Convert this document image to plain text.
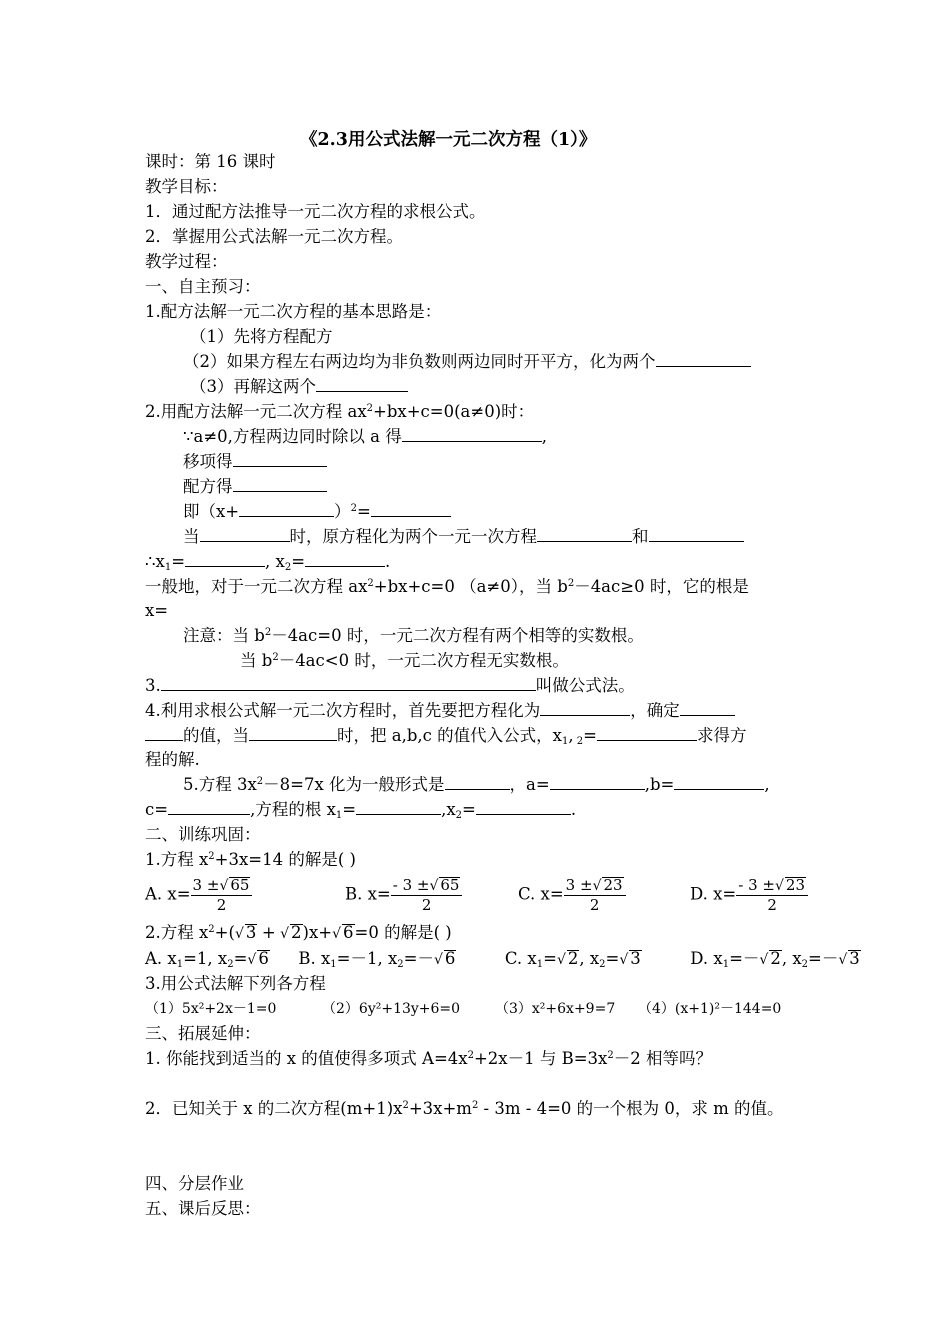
《2.3用公式法解一元二次方程（1）》
课时：第 16 课时
教学目标：
1．通过配方法推导一元二次方程的求根公式。
2．掌握用公式法解一元二次方程。
教学过程：
一、自主预习：
1.配方法解一元二次方程的基本思路是：
（1）先将方程配方
（2）如果方程左右两边均为非负数则两边同时开平方，化为两个
（3）再解这两个
2.用配方法解一元二次方程 $ax^2+bx+c=0(a\ne 0)$时：
∵a≠0,方程两边同时除以 a 得	,
移项得
配方得
即（x+	）$^2$=
当	时，原方程化为两个一元一次方程	和
$\therefore x_1=$	, $x_2=$	.
一般地，对于一元二次方程 $ax^2+bx+c=0$ （a≠0），当 $b^2-4ac\ge 0$ 时，它的根是
x=
注意：当 $b^2-4ac=0$ 时，一元二次方程有两个相等的实数根。
当 $b^2-4ac<0$ 时，一元二次方程无实数根。
3.	叫做公式法。
4.利用求根公式解一元二次方程时，首先要把方程化为	，确定
的值，当	时，把 a,b,c 的值代入公式，$x_1$, $_2$=	求得方
程的解.
5.方程 $3x^2-8=7x$ 化为一般形式是	，a=	,b=	,
c=	,方程的根 $x_1=$	$,x_2=$	.
二、训练巩固：
1.方程 $x^2+3x=14$ 的解是( )
A. $x= \frac{3 \pm√ 65}{2}$	B. $x= \frac{- 3 \pm√ 65}{2}$	C. $x= \frac{3 \pm√ 23}{2}$	D. $x= \frac{- 3 \pm√ 23}{2}$
2.方程 $x^2+(√$ 3 + √ 2)x+√ 6=0 的解是( )
A. $x_1=1$, $x_2=√$ 6 B. $x_1=-1$, $x_2=-√$ 6	C. $x_1=√$ 2, $x_2=√$ 3	D. $x_1=-√$ 2, $x_2=-√$ 3
3.用公式法解下列各方程
（1）5x²+2x－1=0	（2）6y²+13y+6=0 （3）x²+6x+9=7 （4）(x+1)²－144=0
三、拓展延伸：
1. 你能找到适当的 x 的值使得多项式 $A=4x^2+2x-1$ 与 $B=3x^2-2$ 相等吗？
2．已知关于 x 的二次方程$(m+1)x^2+3x+m^2 - 3m - 4=0$ 的一个根为 0，求 m 的值。
四、分层作业
五、课后反思：
